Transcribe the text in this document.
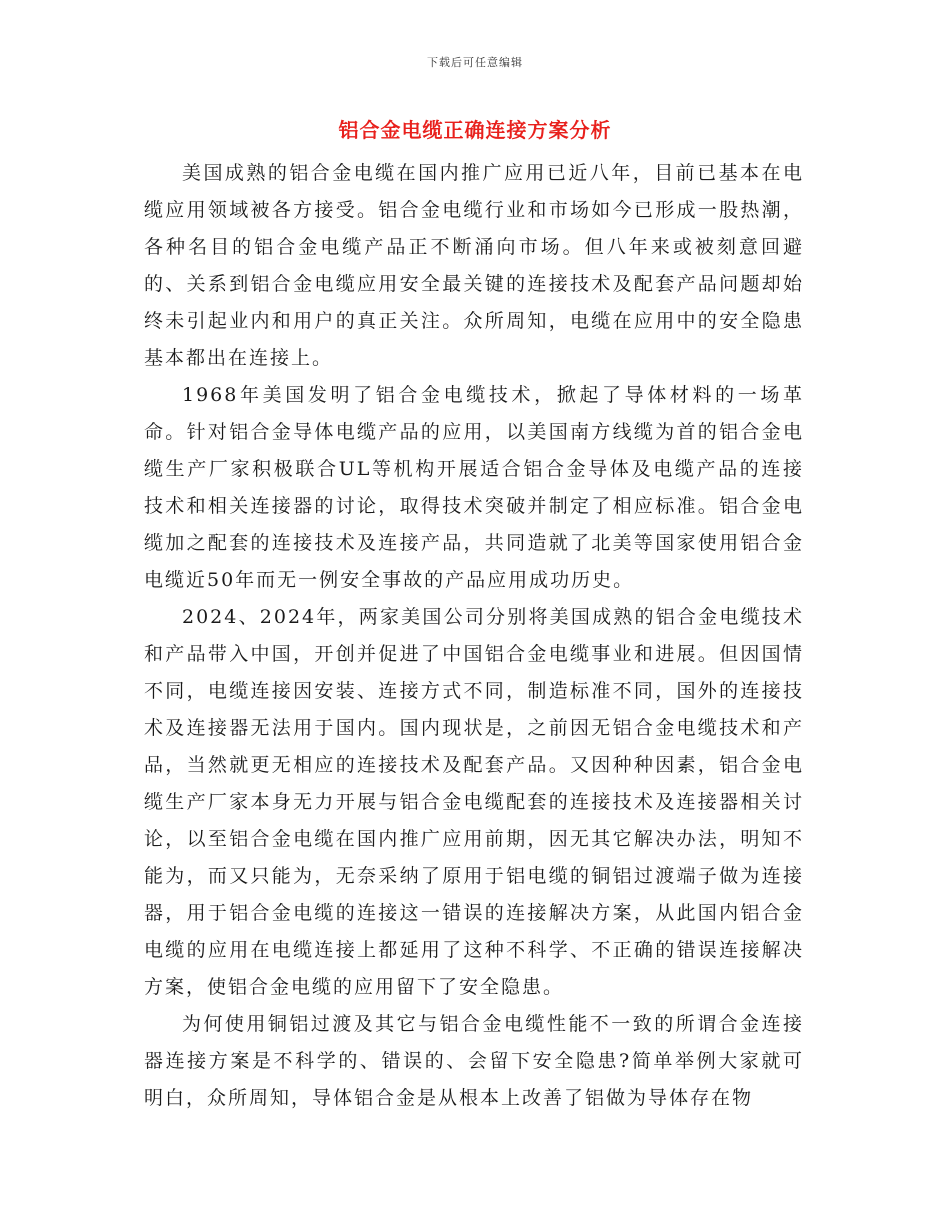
下载后可任意编辑
铝合金电缆正确连接方案分析

美国成熟的铝合金电缆在国内推广应用已近八年，目前已基本在电缆应用领域被各方接受。铝合金电缆行业和市场如今已形成一股热潮，各种名目的铝合金电缆产品正不断涌向市场。但八年来或被刻意回避的、关系到铝合金电缆应用安全最关键的连接技术及配套产品问题却始终未引起业内和用户的真正关注。众所周知，电缆在应用中的安全隐患基本都出在连接上。

1968年美国发明了铝合金电缆技术，掀起了导体材料的一场革命。针对铝合金导体电缆产品的应用，以美国南方线缆为首的铝合金电缆生产厂家积极联合UL等机构开展适合铝合金导体及电缆产品的连接技术和相关连接器的讨论，取得技术突破并制定了相应标准。铝合金电缆加之配套的连接技术及连接产品，共同造就了北美等国家使用铝合金电缆近50年而无一例安全事故的产品应用成功历史。

2024、2024年，两家美国公司分别将美国成熟的铝合金电缆技术和产品带入中国，开创并促进了中国铝合金电缆事业和进展。但因国情不同，电缆连接因安装、连接方式不同，制造标准不同，国外的连接技术及连接器无法用于国内。国内现状是，之前因无铝合金电缆技术和产品，当然就更无相应的连接技术及配套产品。又因种种因素，铝合金电缆生产厂家本身无力开展与铝合金电缆配套的连接技术及连接器相关讨论，以至铝合金电缆在国内推广应用前期，因无其它解决办法，明知不能为，而又只能为，无奈采纳了原用于铝电缆的铜铝过渡端子做为连接器，用于铝合金电缆的连接这一错误的连接解决方案，从此国内铝合金电缆的应用在电缆连接上都延用了这种不科学、不正确的错误连接解决方案，使铝合金电缆的应用留下了安全隐患。

为何使用铜铝过渡及其它与铝合金电缆性能不一致的所谓合金连接器连接方案是不科学的、错误的、会留下安全隐患?简单举例大家就可明白，众所周知，导体铝合金是从根本上改善了铝做为导体存在物
